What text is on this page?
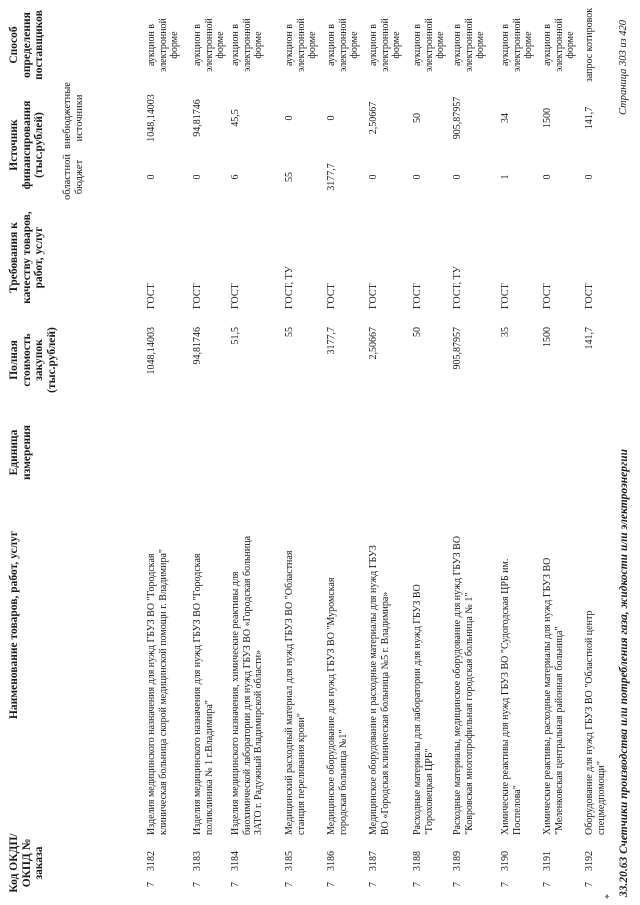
Код ОКДП/ ОКПД № заказа
Наименование товаров, работ, услуг
Единица измерения
Полная стоимость закупок (тыс.рублей)
Требования к качеству товаров, работ, услуг
Источник финансирования (тыс.рублей)
Способ определения поставщиков
областной бюджет
внебюджетные источники
7
3182
Изделия медицинского назначения для нужд ГБУЗ ВО "Городская клиническая больница скорой медицинской помощи г. Владимира"
1048,14003
ГОСТ
0
1048,14003
аукцион в электронной форме
7
3183
Изделия медицинского назначения для нужд ГБУЗ ВО "Городская поликлиника № 1 г.Владимира"
94,81746
ГОСТ
0
94,81746
аукцион в электронной форме
7
3184
Изделия медицинского назначения, химические реактивы для биохимической лаборатории для нужд ГБУЗ ВО «Городская больница ЗАТО г. Радужный Владимирской области»
51,5
ГОСТ
6
45,5
аукцион в электронной форме
7
3185
Медицинский расходный материал для нужд ГБУЗ ВО "Областная станция переливания крови"
55
ГОСТ, ТУ
55
0
аукцион в электронной форме
7
3186
Медицинское оборудование для нужд ГБУЗ ВО "Муромская городская больница №1"
3177,7
ГОСТ
3177,7
0
аукцион в электронной форме
7
3187
Медицинское оборудование и расходные материалы для нужд ГБУЗ ВО «Городская клиническая больница №5 г. Владимира»
2,50667
ГОСТ
0
2,50667
аукцион в электронной форме
7
3188
Расходные материалы для лаборатории для нужд ГБУЗ ВО "Гороховецкая ЦРБ"
50
ГОСТ
0
50
аукцион в электронной форме
7
3189
Расходные материалы, медицинское оборудование для нужд ГБУЗ ВО "Ковровская многопрофильная городская больница № 1"
905,87957
ГОСТ, ТУ
0
905,87957
аукцион в электронной форме
7
3190
Химические реактивы для нужд ГБУЗ ВО "Судогодская ЦРБ им. Поспелова"
35
ГОСТ
1
34
аукцион в электронной форме
7
3191
Химические реактивы, расходные материалы для нужд ГБУЗ ВО "Меленковская центральная районная больница"
1500
ГОСТ
0
1500
аукцион в электронной форме
7
3192
Оборудование для нужд ГБУЗ ВО "Областной центр спецмедпомощи"
141,7
ГОСТ
0
141,7
запрос котировок
33.20.63 Счетчики производства или потребления газа, жидкости или электроэнергии
Страница 303 из 420
*
